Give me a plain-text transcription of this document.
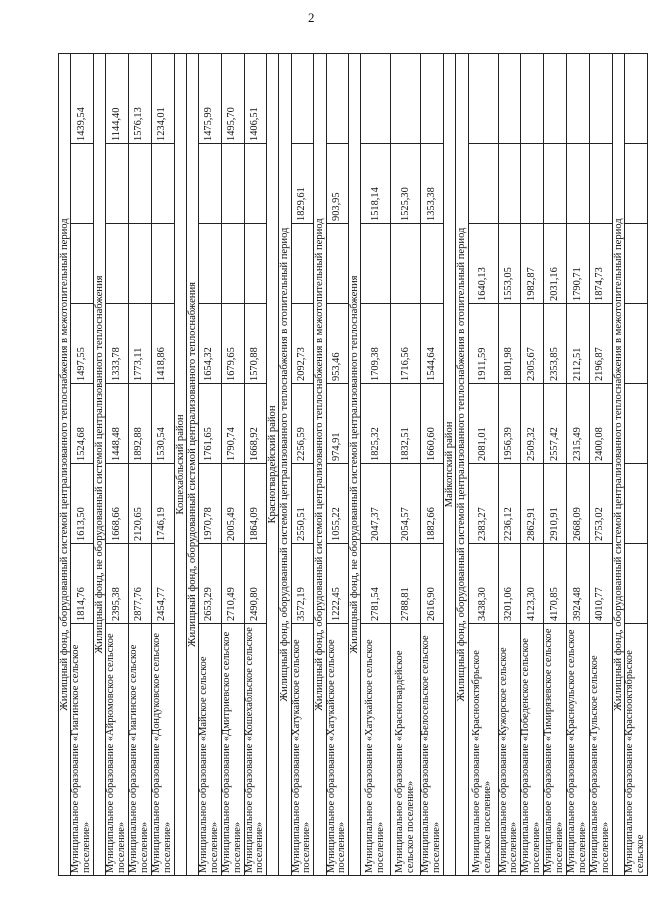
2
Жилищный фонд, оборудованный системой централизованного теплоснабжения в межотопительный период							
Муниципальное образование «Гиагинское сельское поселение»	1814,76	1613,50	1524,68	1497,55			1439,54
Жилищный фонд, не оборудованный системой централизованного теплоснабжения							
Муниципальное образование «Айрюмовское сельское поселение»	2395,38	1668,66	1448,48	1333,78			1144,40
Муниципальное образование «Гиагинское сельское поселение»	2877,76	2120,65	1892,88	1773,11			1576,13
Муниципальное образование «Дондуковское сельское поселение»	2454,77	1746,19	1530,54	1418,86			1234,01
Кошехабльский район							
Жилищный фонд, оборудованный системой централизованного теплоснабжения							
Муниципальное образование «Майское сельское поселение»	2653,29	1970,78	1761,65	1654,32			1475,99
Муниципальное образование «Дмитриевское сельское поселение»	2710,49	2005,49	1790,74	1679,65			1495,70
Муниципальное образование «Кошехабльское сельское поселение»	2490,80	1864,09	1668,92	1570,88			1406,51
Красногвардейский район							
Жилищный фонд, оборудованный системой централизованного теплоснабжения в отопительный период							
Муниципальное образование «Хатукайское сельское поселение»	3572,19	2550,51	2256,59	2092,73		1829,61	
Жилищный фонд, оборудованный системой централизованного теплоснабжения в межотопительный период							
Муниципальное образование «Хатукайское сельское поселение»	1222,45	1055,22	974,91	953,46		903,95	
Жилищный фонд, не оборудованный системой централизованного теплоснабжения							
Муниципальное образование «Хатукайское сельское поселение»	2781,54	2047,37	1825,32	1709,38		1518,14	
Муниципальное образование «Красногвардейское сельское поселение»	2788,81	2054,57	1832,51	1716,56		1525,30	
Муниципальное образование «Белосельское сельское поселение»	2616,90	1882,66	1660,60	1544,64		1353,38	
Майкопский район							
Жилищный фонд, оборудованный системой централизованного теплоснабжения в отопительный период							
Муниципальное образование «Краснооктябрьское сельское поселение»	3438,30	2383,27	2081,01	1911,59	1640,13		
Муниципальное образование «Кужорское сельское поселение»	3201,06	2236,12	1956,39	1801,98	1553,05		
Муниципальное образование «Победенское сельское поселение»	4123,30	2862,91	2509,32	2305,67	1982,87		
Муниципальное образование «Тимирязевское сельское поселение»	4170,85	2910,91	2557,42	2353,85	2031,16		
Муниципальное образование «Красноульское сельское поселение»	3924,48	2668,09	2315,49	2112,51	1790,71		
Муниципальное образование «Тульское сельское поселение»	4010,77	2753,02	2400,08	2196,87	1874,73		
Жилищный фонд, оборудованный системой централизованного теплоснабжения в межотопительный период							
Муниципальное образование «Краснооктябрьское сельское							
